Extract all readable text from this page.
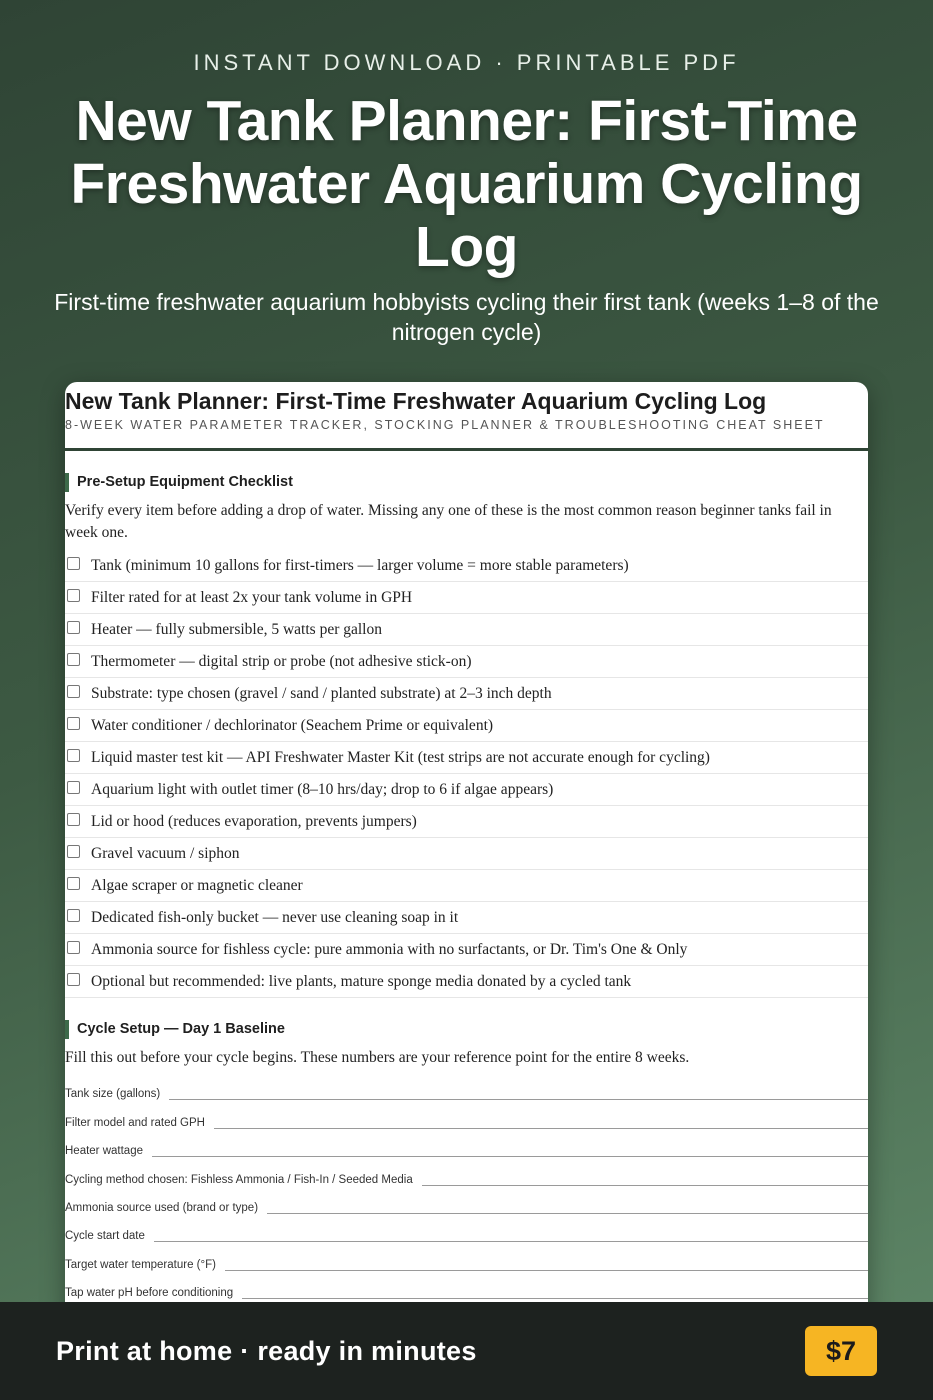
INSTANT DOWNLOAD · PRINTABLE PDF
New Tank Planner: First-Time Freshwater Aquarium Cycling Log
First-time freshwater aquarium hobbyists cycling their first tank (weeks 1–8 of the nitrogen cycle)
New Tank Planner: First-Time Freshwater Aquarium Cycling Log
8-WEEK WATER PARAMETER TRACKER, STOCKING PLANNER & TROUBLESHOOTING CHEAT SHEET
Pre-Setup Equipment Checklist

Verify every item before adding a drop of water. Missing any one of these is the most common reason beginner tanks fail in week one.

Tank (minimum 10 gallons for first-timers — larger volume = more stable parameters)
Filter rated for at least 2x your tank volume in GPH
Heater — fully submersible, 5 watts per gallon
Thermometer — digital strip or probe (not adhesive stick-on)
Substrate: type chosen (gravel / sand / planted substrate) at 2–3 inch depth
Water conditioner / dechlorinator (Seachem Prime or equivalent)
Liquid master test kit — API Freshwater Master Kit (test strips are not accurate enough for cycling)
Aquarium light with outlet timer (8–10 hrs/day; drop to 6 if algae appears)
Lid or hood (reduces evaporation, prevents jumpers)
Gravel vacuum / siphon
Algae scraper or magnetic cleaner
Dedicated fish-only bucket — never use cleaning soap in it
Ammonia source for fishless cycle: pure ammonia with no surfactants, or Dr. Tim's One & Only
Optional but recommended: live plants, mature sponge media donated by a cycled tank
Cycle Setup — Day 1 Baseline

Fill this out before your cycle begins. These numbers are your reference point for the entire 8 weeks.

Tank size (gallons)
Filter model and rated GPH
Heater wattage
Cycling method chosen: Fishless Ammonia / Fish-In / Seeded Media
Ammonia source used (brand or type)
Cycle start date
Target water temperature (°F)
Tap water pH before conditioning
Print at home · ready in minutes	$7
